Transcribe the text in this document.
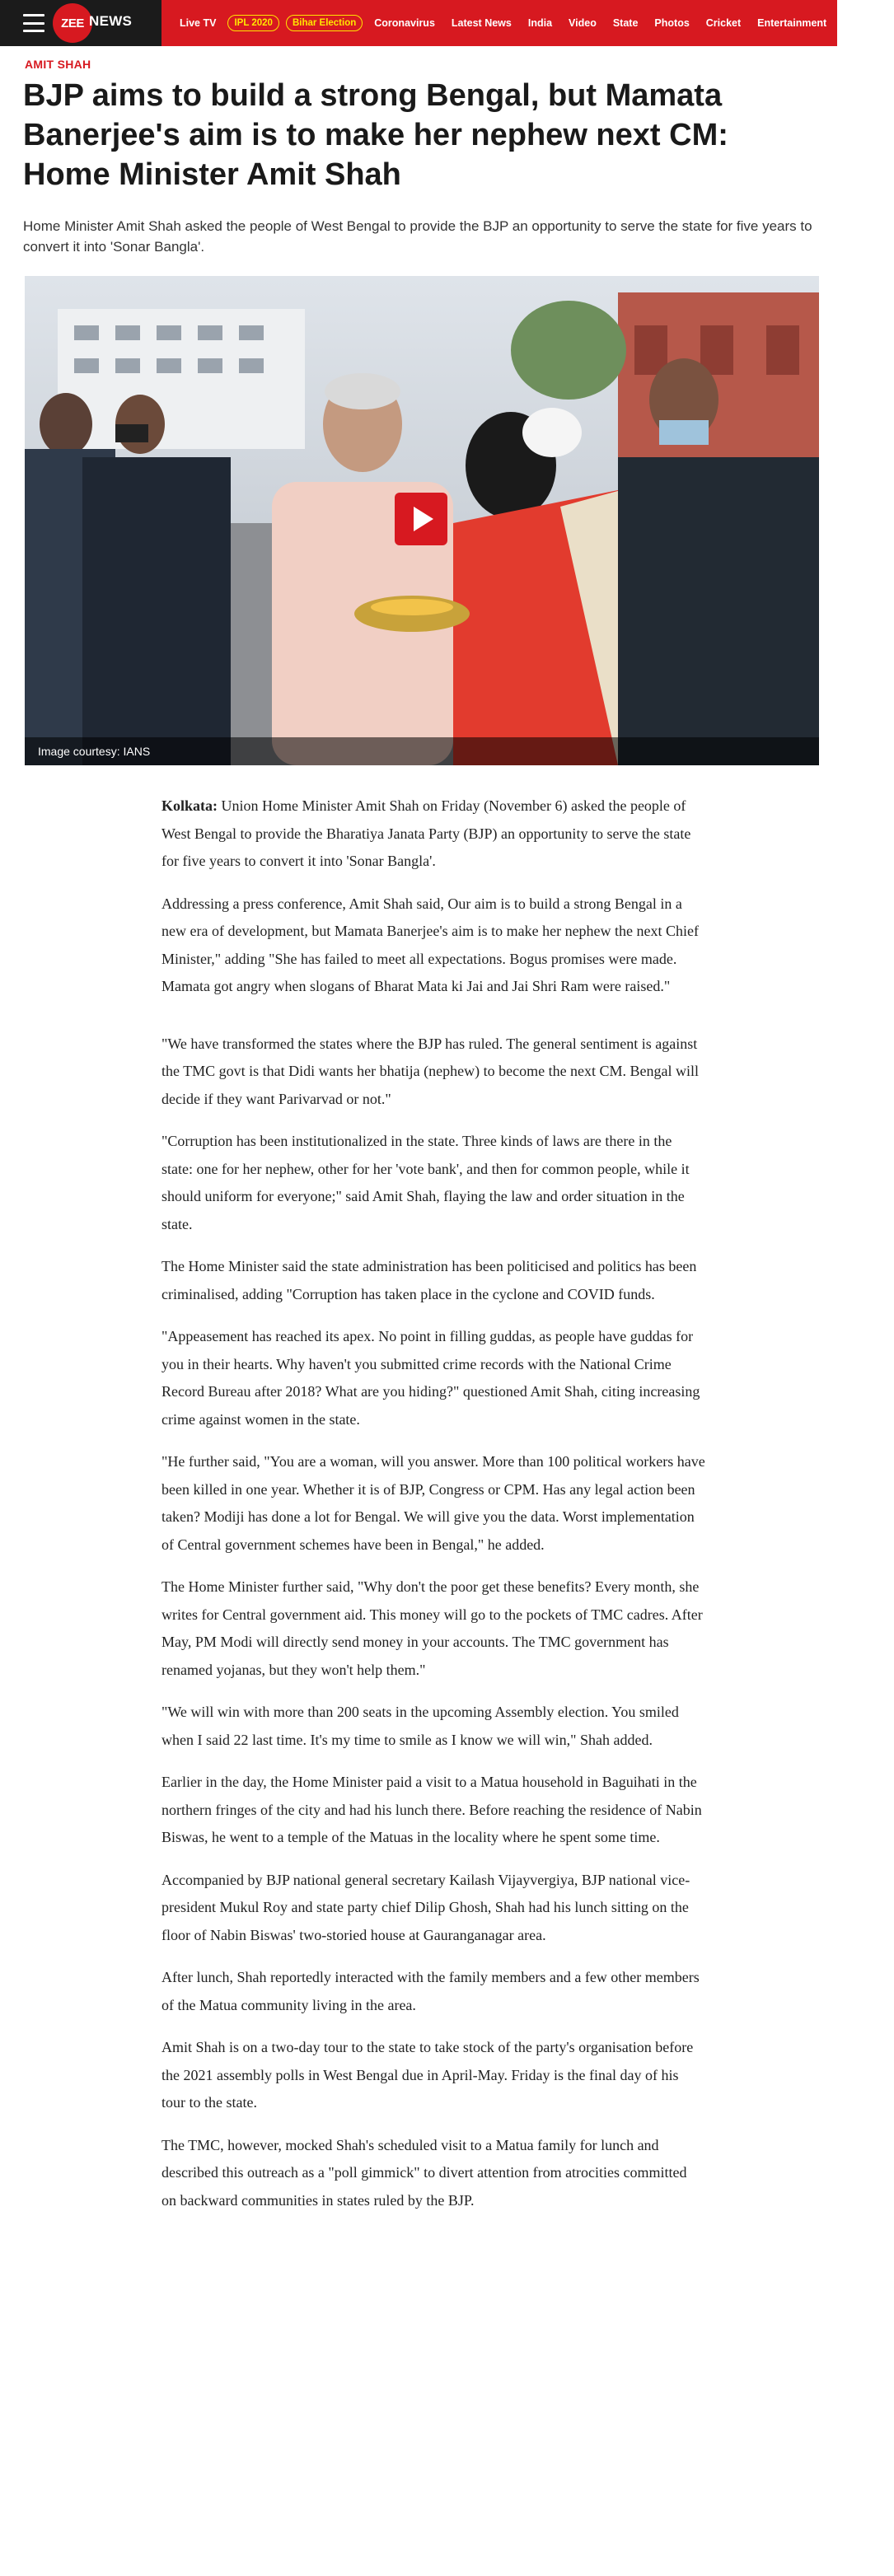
ZEE NEWS	Live TV	IPL 2020	Bihar Election	Coronavirus	Latest News	India	Video	State	Photos	Cricket	Entertainment	Bhojpuri
AMIT SHAH
BJP aims to build a strong Bengal, but Mamata Banerjee's aim is to make her nephew next CM: Home Minister Amit Shah

Home Minister Amit Shah asked the people of West Bengal to provide the BJP an opportunity to serve the state for five years to convert it into 'Sonar Bangla'.

Image courtesy: IANS

Kolkata: Union Home Minister Amit Shah on Friday (November 6) asked the people of West Bengal to provide the Bharatiya Janata Party (BJP) an opportunity to serve the state for five years to convert it into 'Sonar Bangla'.

Addressing a press conference, Amit Shah said, Our aim is to build a strong Bengal in a new era of development, but Mamata Banerjee's aim is to make her nephew the next Chief Minister," adding "She has failed to meet all expectations. Bogus promises were made. Mamata got angry when slogans of Bharat Mata ki Jai and Jai Shri Ram were raised."

"We have transformed the states where the BJP has ruled. The general sentiment is against the TMC govt is that Didi wants her bhatija (nephew) to become the next CM. Bengal will decide if they want Parivarvad or not."

"Corruption has been institutionalized in the state. Three kinds of laws are there in the state: one for her nephew, other for her 'vote bank', and then for common people, while it should uniform for everyone;" said Amit Shah, flaying the law and order situation in the state.

The Home Minister said the state administration has been politicised and politics has been criminalised, adding "Corruption has taken place in the cyclone and COVID funds.

"Appeasement has reached its apex. No point in filling guddas, as people have guddas for you in their hearts. Why haven't you submitted crime records with the National Crime Record Bureau after 2018? What are you hiding?" questioned Amit Shah, citing increasing crime against women in the state.

"He further said, "You are a woman, will you answer. More than 100 political workers have been killed in one year. Whether it is of BJP, Congress or CPM. Has any legal action been taken? Modiji has done a lot for Bengal. We will give you the data. Worst implementation of Central government schemes have been in Bengal," he added.

The Home Minister further said, "Why don't the poor get these benefits? Every month, she writes for Central government aid. This money will go to the pockets of TMC cadres. After May, PM Modi will directly send money in your accounts. The TMC government has renamed yojanas, but they won't help them."

"We will win with more than 200 seats in the upcoming Assembly election. You smiled when I said 22 last time. It's my time to smile as I know we will win," Shah added.

Earlier in the day, the Home Minister paid a visit to a Matua household in Baguihati in the northern fringes of the city and had his lunch there. Before reaching the residence of Nabin Biswas, he went to a temple of the Matuas in the locality where he spent some time.

Accompanied by BJP national general secretary Kailash Vijayvergiya, BJP national vice-president Mukul Roy and state party chief Dilip Ghosh, Shah had his lunch sitting on the floor of Nabin Biswas' two-storied house at Gauranganagar area.

After lunch, Shah reportedly interacted with the family members and a few other members of the Matua community living in the area.

Amit Shah is on a two-day tour to the state to take stock of the party's organisation before the 2021 assembly polls in West Bengal due in April-May. Friday is the final day of his tour to the state.

The TMC, however, mocked Shah's scheduled visit to a Matua family for lunch and described this outreach as a "poll gimmick" to divert attention from atrocities committed on backward communities in states ruled by the BJP.
